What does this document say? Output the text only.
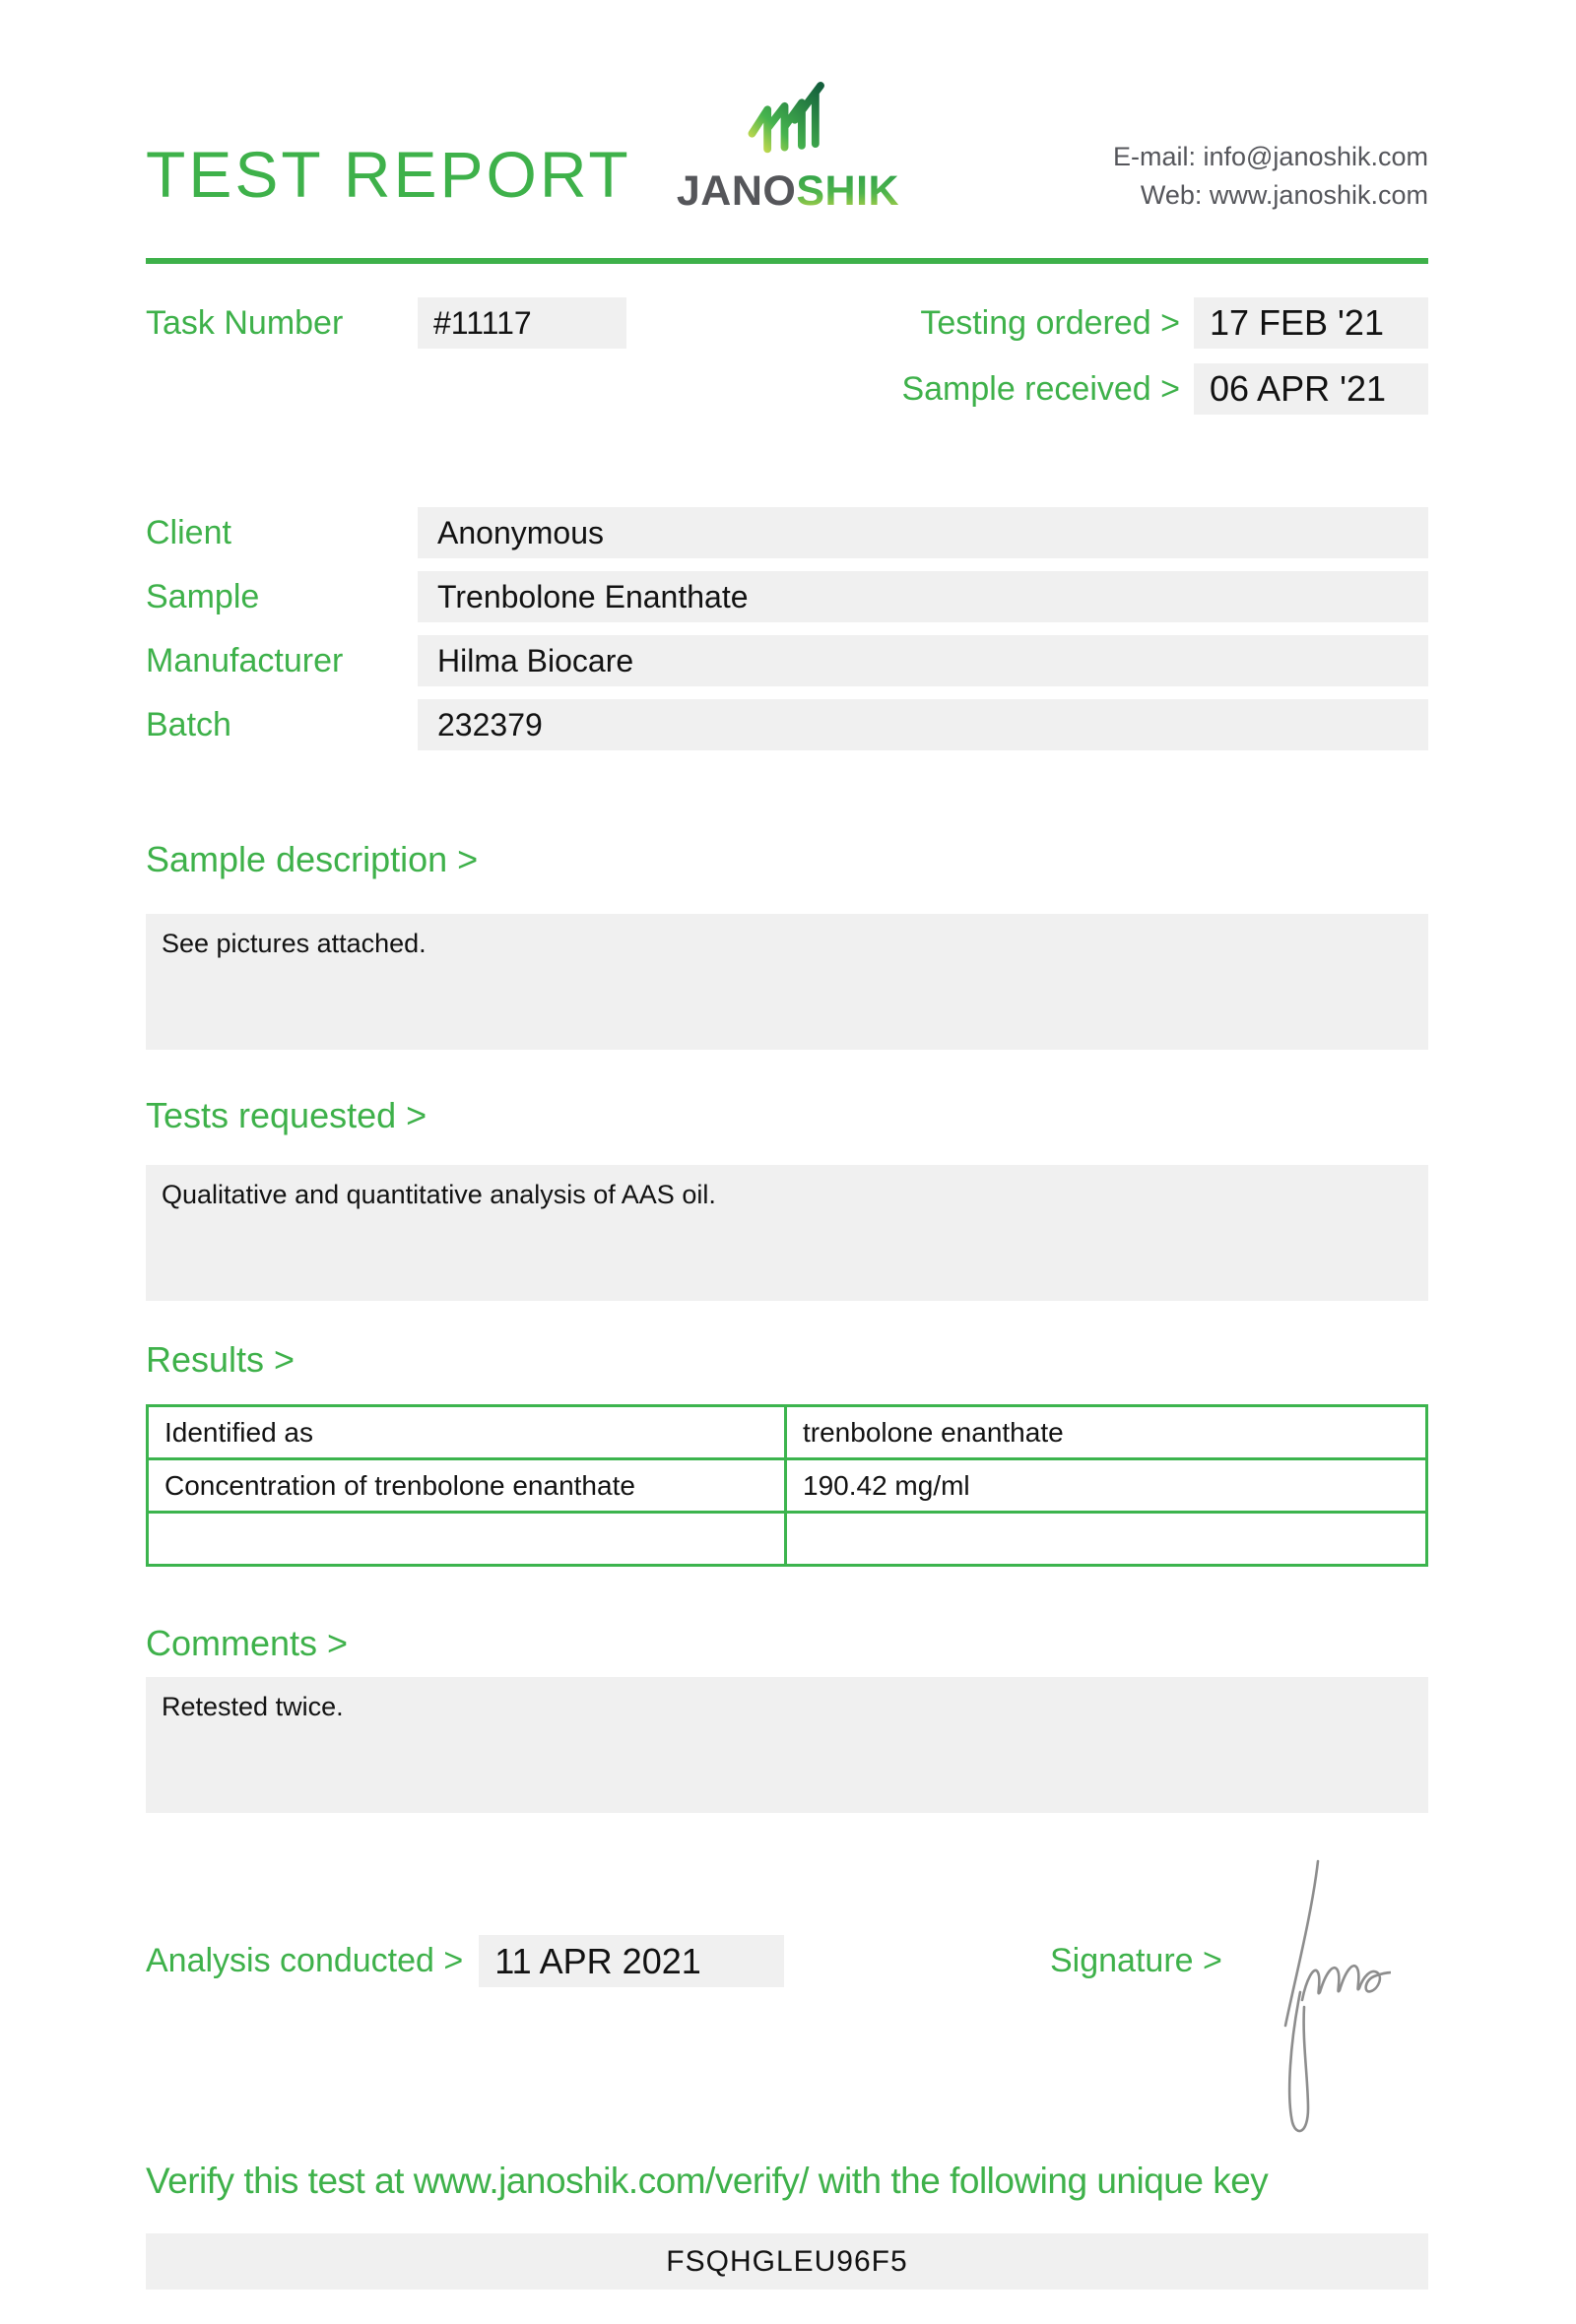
TEST REPORT JANOSHIK
E-mail: info@janoshik.com
Web: www.janoshik.com
Task Number	#11117	Testing ordered > 17 FEB '21
Sample received > 06 APR '21
Client	Anonymous
Sample	Trenbolone Enanthate
Manufacturer	Hilma Biocare
Batch	232379
Sample description >
See pictures attached.
Tests requested >
Qualitative and quantitative analysis of AAS oil.
Results >
Identified as	trenbolone enanthate
Concentration of trenbolone enanthate	190.42 mg/ml

Comments >
Retested twice.
Analysis conducted > 11 APR 2021	Signature >
Verify this test at www.janoshik.com/verify/ with the following unique key
FSQHGLEU96F5
